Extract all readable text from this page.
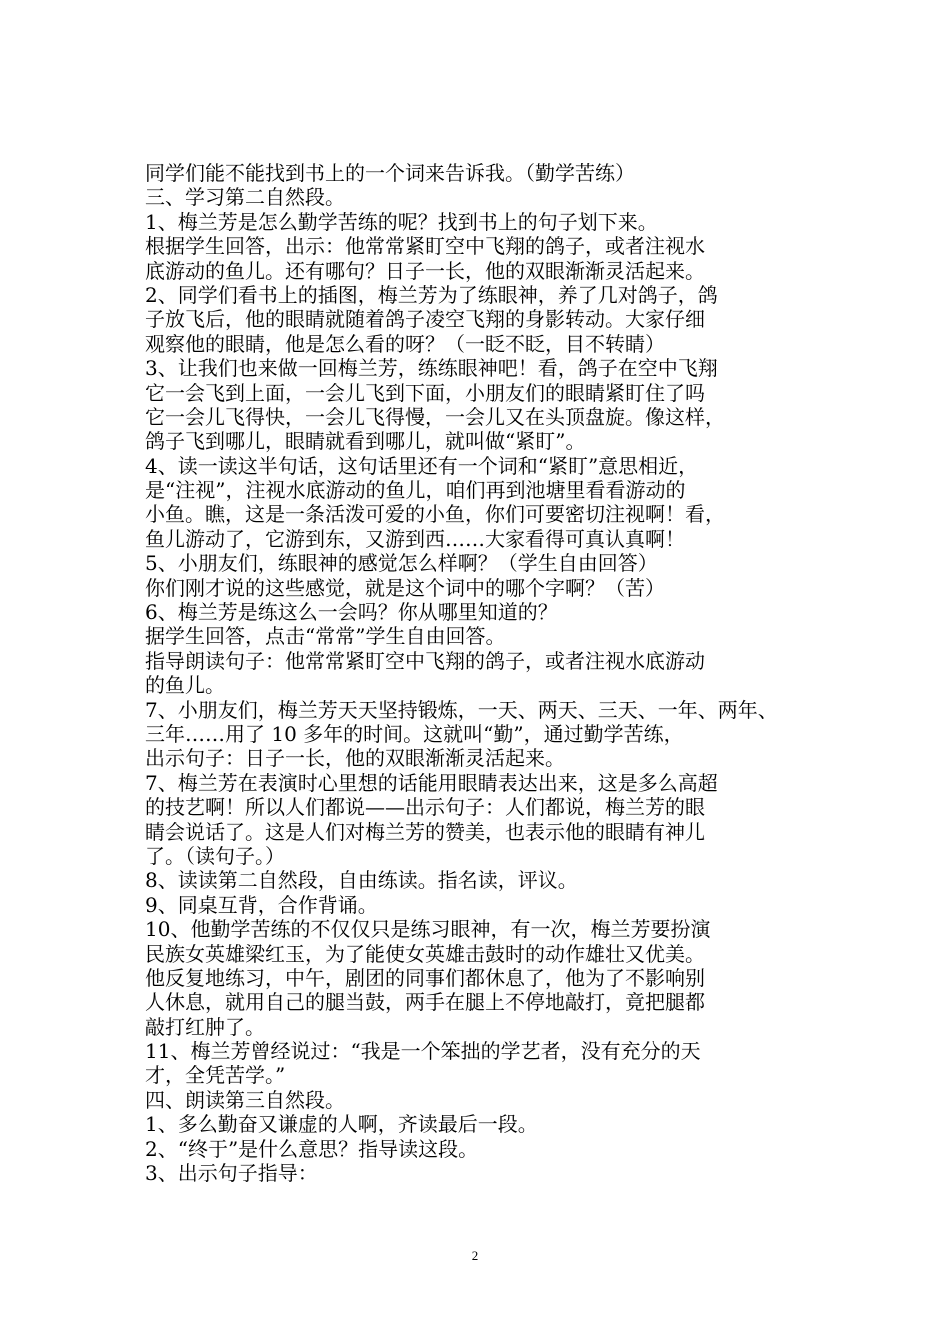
同学们能不能找到书上的一个词来告诉我。（勤学苦练）
三、学习第二自然段。
1、梅兰芳是怎么勤学苦练的呢？找到书上的句子划下来。
根据学生回答，出示：他常常紧盯空中飞翔的鸽子，或者注视水
底游动的鱼儿。还有哪句？日子一长，他的双眼渐渐灵活起来。
2、同学们看书上的插图，梅兰芳为了练眼神，养了几对鸽子，鸽
子放飞后，他的眼睛就随着鸽子凌空飞翔的身影转动。大家仔细
观察他的眼睛，他是怎么看的呀？（一眨不眨，目不转睛）
3、让我们也来做一回梅兰芳，练练眼神吧！看，鸽子在空中飞翔
它一会飞到上面，一会儿飞到下面，小朋友们的眼睛紧盯住了吗
它一会儿飞得快，一会儿飞得慢，一会儿又在头顶盘旋。像这样，
鸽子飞到哪儿，眼睛就看到哪儿，就叫做“紧盯”。
4、读一读这半句话，这句话里还有一个词和“紧盯”意思相近，
是“注视”，注视水底游动的鱼儿，咱们再到池塘里看看游动的
小鱼。瞧，这是一条活泼可爱的小鱼，你们可要密切注视啊！看，
鱼儿游动了，它游到东，又游到西……大家看得可真认真啊！
5、小朋友们，练眼神的感觉怎么样啊？（学生自由回答）
你们刚才说的这些感觉，就是这个词中的哪个字啊？（苦）
6、梅兰芳是练这么一会吗？你从哪里知道的？
据学生回答，点击“常常”学生自由回答。
指导朗读句子：他常常紧盯空中飞翔的鸽子，或者注视水底游动
的鱼儿。
7、小朋友们，梅兰芳天天坚持锻炼，一天、两天、三天、一年、两年、
三年……用了 10 多年的时间。这就叫“勤”，通过勤学苦练，
出示句子：日子一长，他的双眼渐渐灵活起来。
7、梅兰芳在表演时心里想的话能用眼睛表达出来，这是多么高超
的技艺啊！所以人们都说——出示句子：人们都说，梅兰芳的眼
睛会说话了。这是人们对梅兰芳的赞美，也表示他的眼睛有神儿
了。（读句子。）
8、读读第二自然段，自由练读。指名读，评议。
9、同桌互背，合作背诵。
10、他勤学苦练的不仅仅只是练习眼神，有一次，梅兰芳要扮演
民族女英雄梁红玉，为了能使女英雄击鼓时的动作雄壮又优美。
他反复地练习，中午，剧团的同事们都休息了，他为了不影响别
人休息，就用自己的腿当鼓，两手在腿上不停地敲打，竟把腿都
敲打红肿了。
11、梅兰芳曾经说过：“我是一个笨拙的学艺者，没有充分的天
才，全凭苦学。”
四、朗读第三自然段。
1、多么勤奋又谦虚的人啊，齐读最后一段。
2、“终于”是什么意思？指导读这段。
3、出示句子指导：
2
